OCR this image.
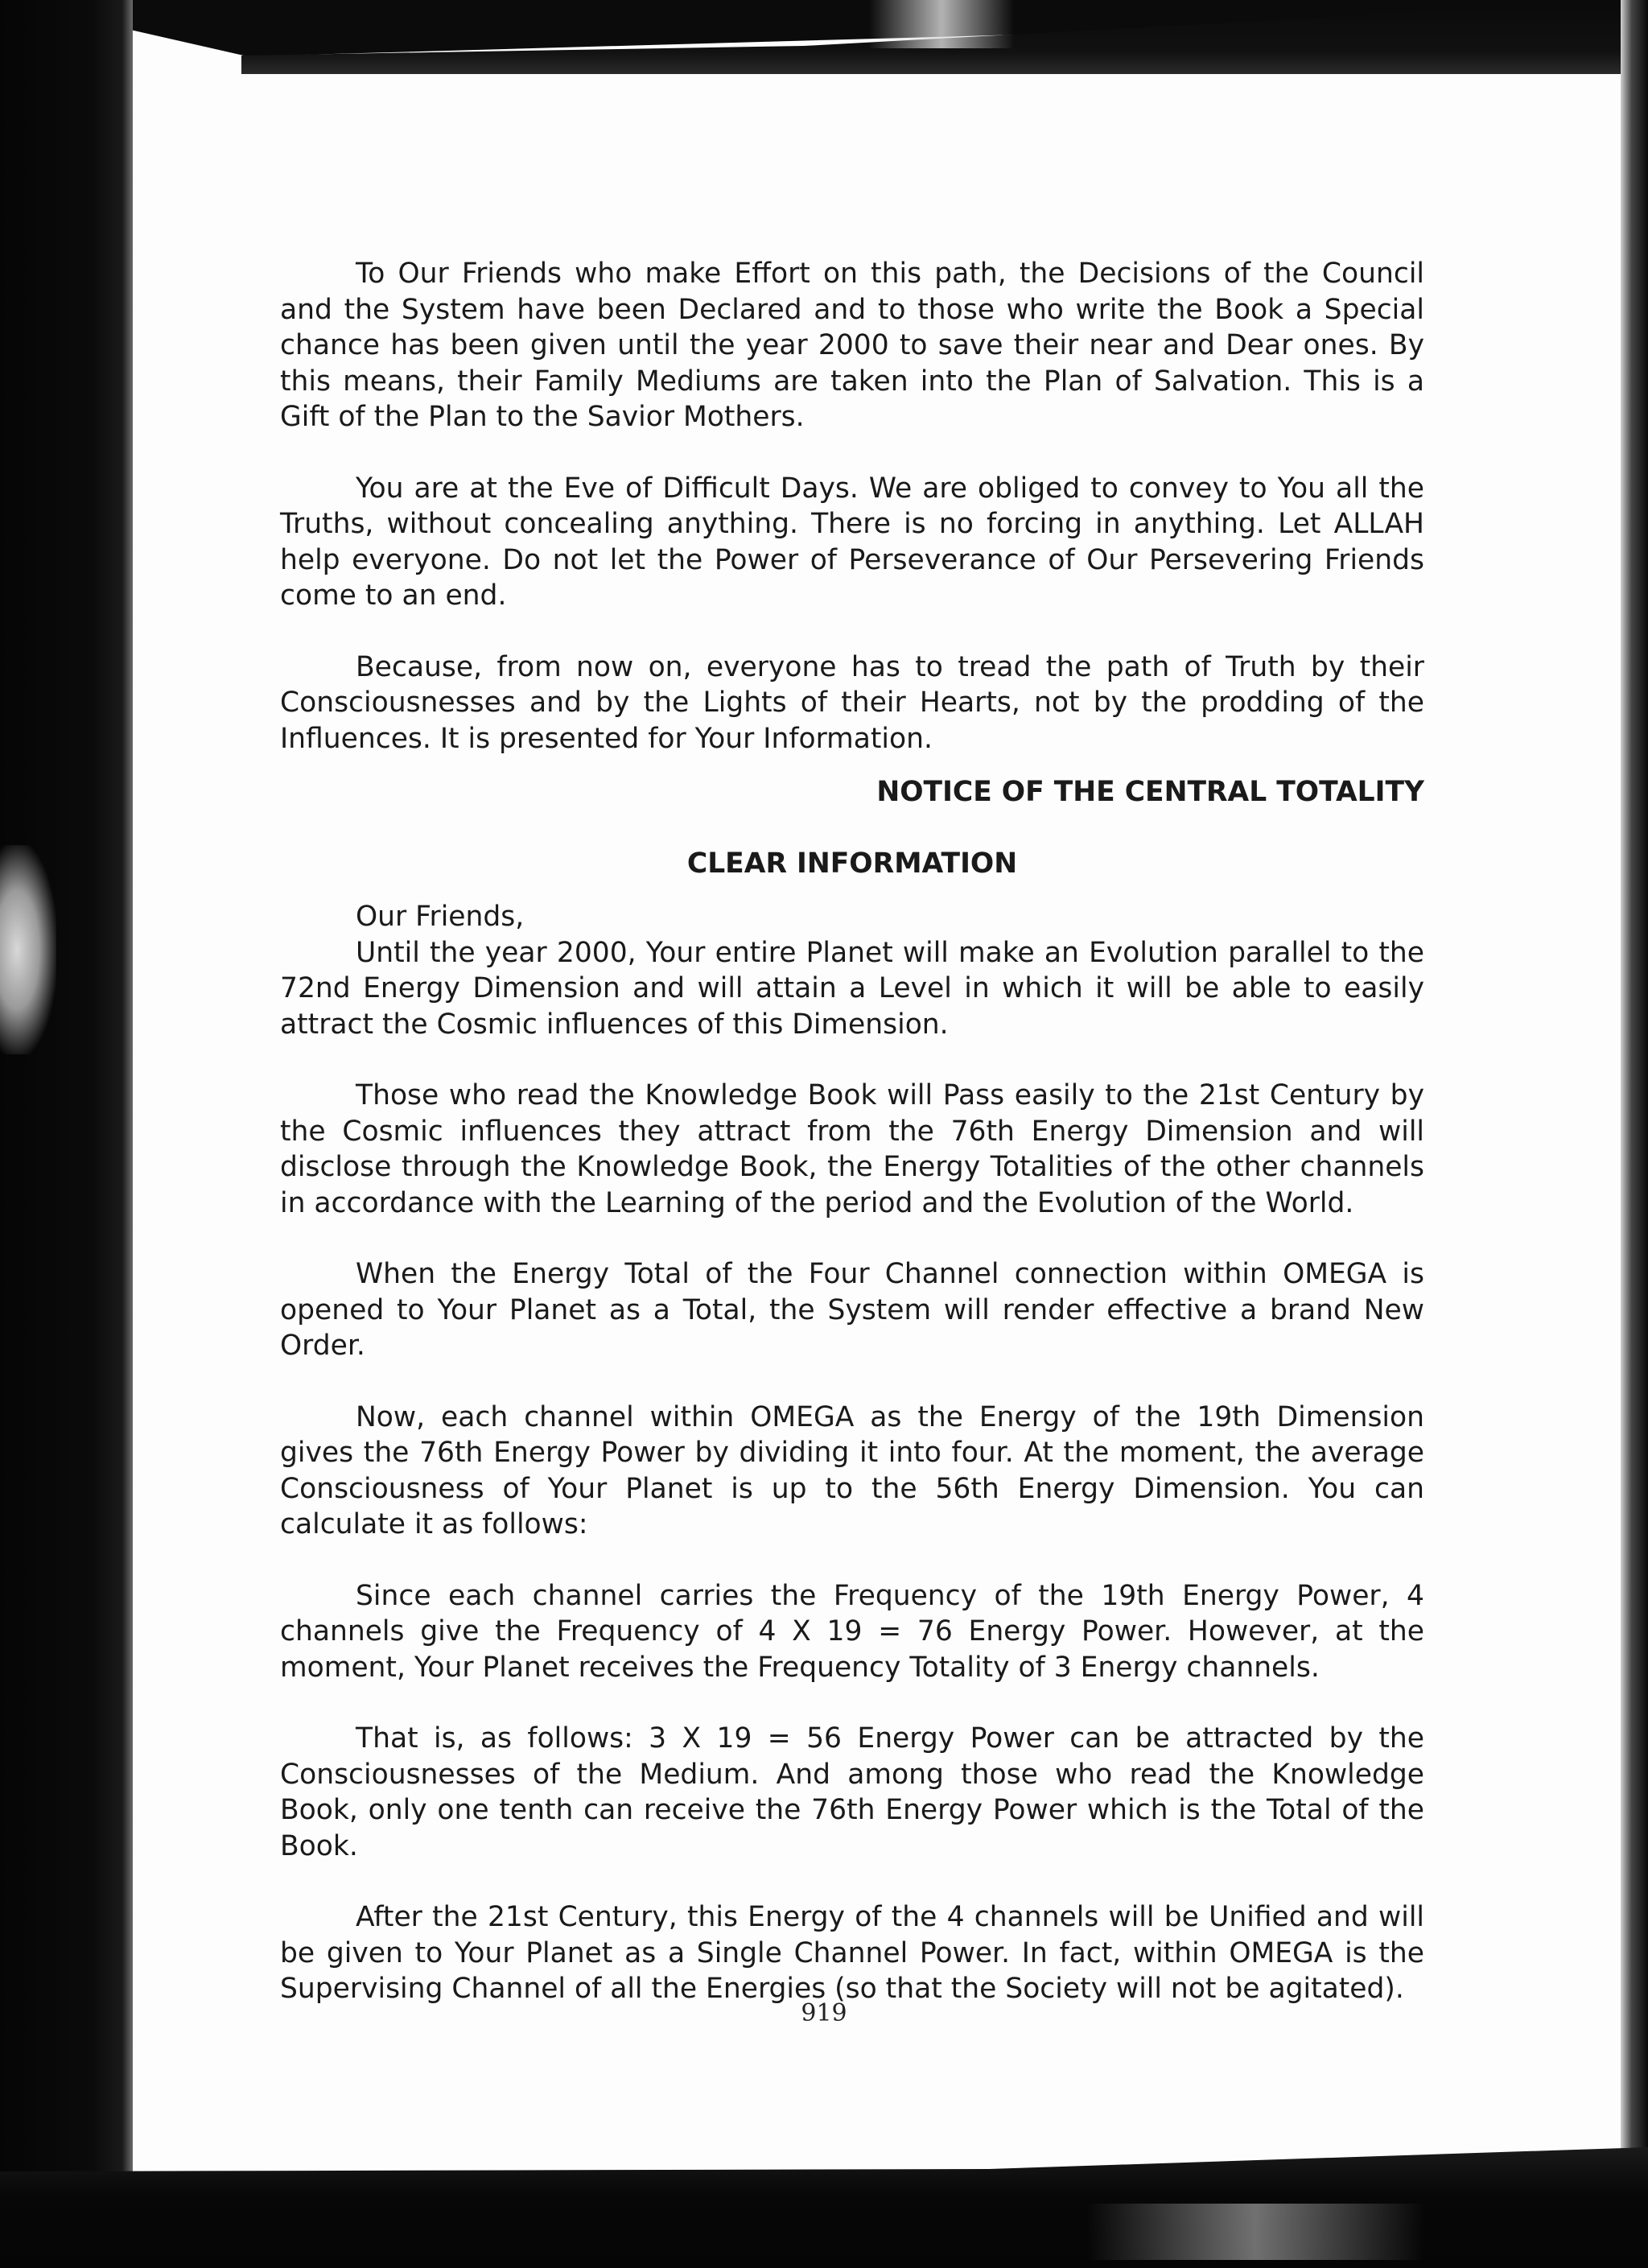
To Our Friends who make Effort on this path, the Decisions of the Council and the System have been Declared and to those who write the Book a Special chance has been given until the year 2000 to save their near and Dear ones. By this means, their Family Mediums are taken into the Plan of Salvation. This is a Gift of the Plan to the Savior Mothers.

You are at the Eve of Difficult Days. We are obliged to convey to You all the Truths, without concealing anything. There is no forcing in anything. Let ALLAH help everyone. Do not let the Power of Perseverance of Our Persevering Friends come to an end.

Because, from now on, everyone has to tread the path of Truth by their Consciousnesses and by the Lights of their Hearts, not by the prodding of the Influences. It is presented for Your Information.

NOTICE OF THE CENTRAL TOTALITY

CLEAR INFORMATION

Our Friends,

Until the year 2000, Your entire Planet will make an Evolution parallel to the 72nd Energy Dimension and will attain a Level in which it will be able to easily attract the Cosmic influences of this Dimension.

Those who read the Knowledge Book will Pass easily to the 21st Century by the Cosmic influences they attract from the 76th Energy Dimension and will disclose through the Knowledge Book, the Energy Totalities of the other channels in accordance with the Learning of the period and the Evolution of the World.

When the Energy Total of the Four Channel connection within OMEGA is opened to Your Planet as a Total, the System will render effective a brand New Order.

Now, each channel within OMEGA as the Energy of the 19th Dimension gives the 76th Energy Power by dividing it into four. At the moment, the average Consciousness of Your Planet is up to the 56th Energy Dimension. You can calculate it as follows:

Since each channel carries the Frequency of the 19th Energy Power, 4 channels give the Frequency of 4 X 19 = 76 Energy Power. However, at the moment, Your Planet receives the Frequency Totality of 3 Energy channels.

That is, as follows: 3 X 19 = 56 Energy Power can be attracted by the Consciousnesses of the Medium. And among those who read the Knowledge Book, only one tenth can receive the 76th Energy Power which is the Total of the Book.

After the 21st Century, this Energy of the 4 channels will be Unified and will be given to Your Planet as a Single Channel Power. In fact, within OMEGA is the Supervising Channel of all the Energies (so that the Society will not be agitated).

919
